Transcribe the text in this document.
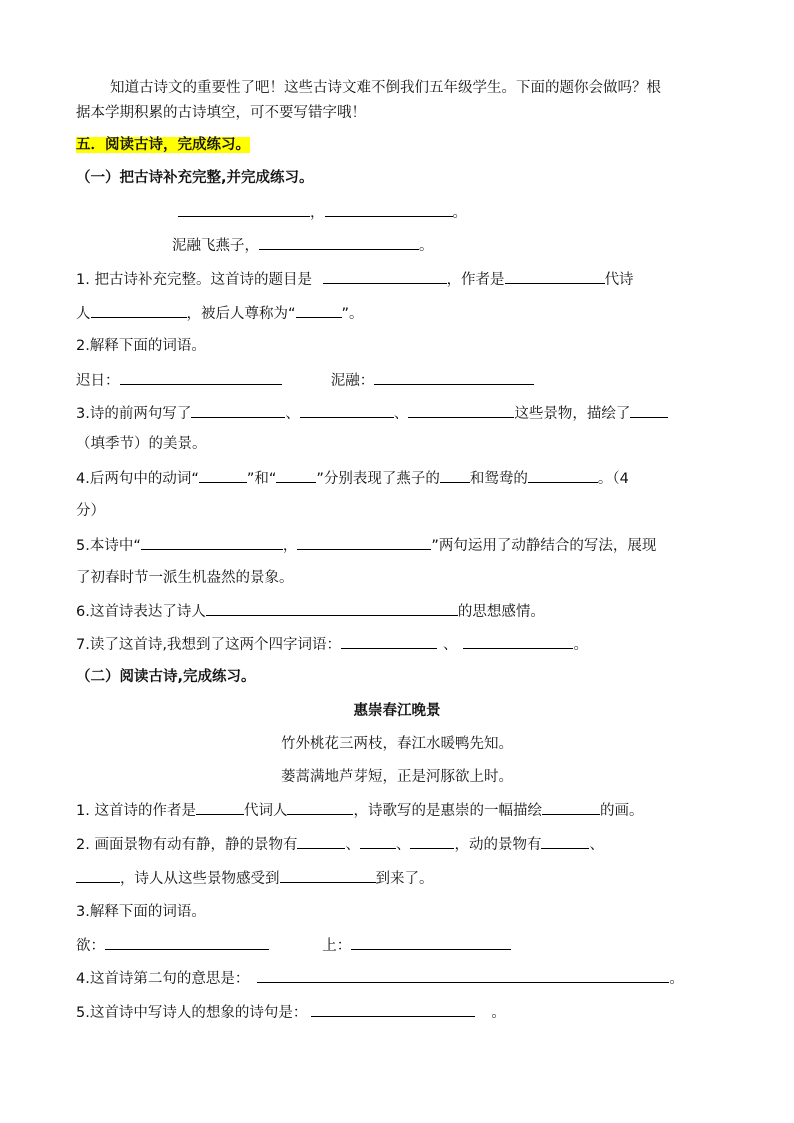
知道古诗文的重要性了吧！这些古诗文难不倒我们五年级学生。下面的题你会做吗？根
据本学期积累的古诗填空，可不要写错字哦！
五．阅读古诗，完成练习。
（一）把古诗补充完整,并完成练习。
，	。
泥融飞燕子，	。
1. 把古诗补充完整。这首诗的题目是	，作者是	代诗
人	，被后人尊称为“	”。
2.解释下面的词语。
迟日：	泥融：
3.诗的前两句写了	、	、	这些景物，描绘了
（填季节）的美景。
4.后两句中的动词“	”和“	”分别表现了燕子的 和鸳鸯的	。（4
分）
5.本诗中“	，	”两句运用了动静结合的写法，展现
了初春时节一派生机盎然的景象。
6.这首诗表达了诗人	的思想感情。
7.读了这首诗,我想到了这两个四字词语：	、	。
（二）阅读古诗,完成练习。
惠崇春江晚景
竹外桃花三两枝，春江水暖鸭先知。
蒌蒿满地芦芽短，正是河豚欲上时。
1. 这首诗的作者是	代词人	，诗歌写的是惠崇的一幅描绘	的画。
2. 画面景物有动有静，静的景物有	、 、	，动的景物有	、
，诗人从这些景物感受到	到来了。
3.解释下面的词语。
欲：	上：
4.这首诗第二句的意思是：	。
5.这首诗中写诗人的想象的诗句是：	。
